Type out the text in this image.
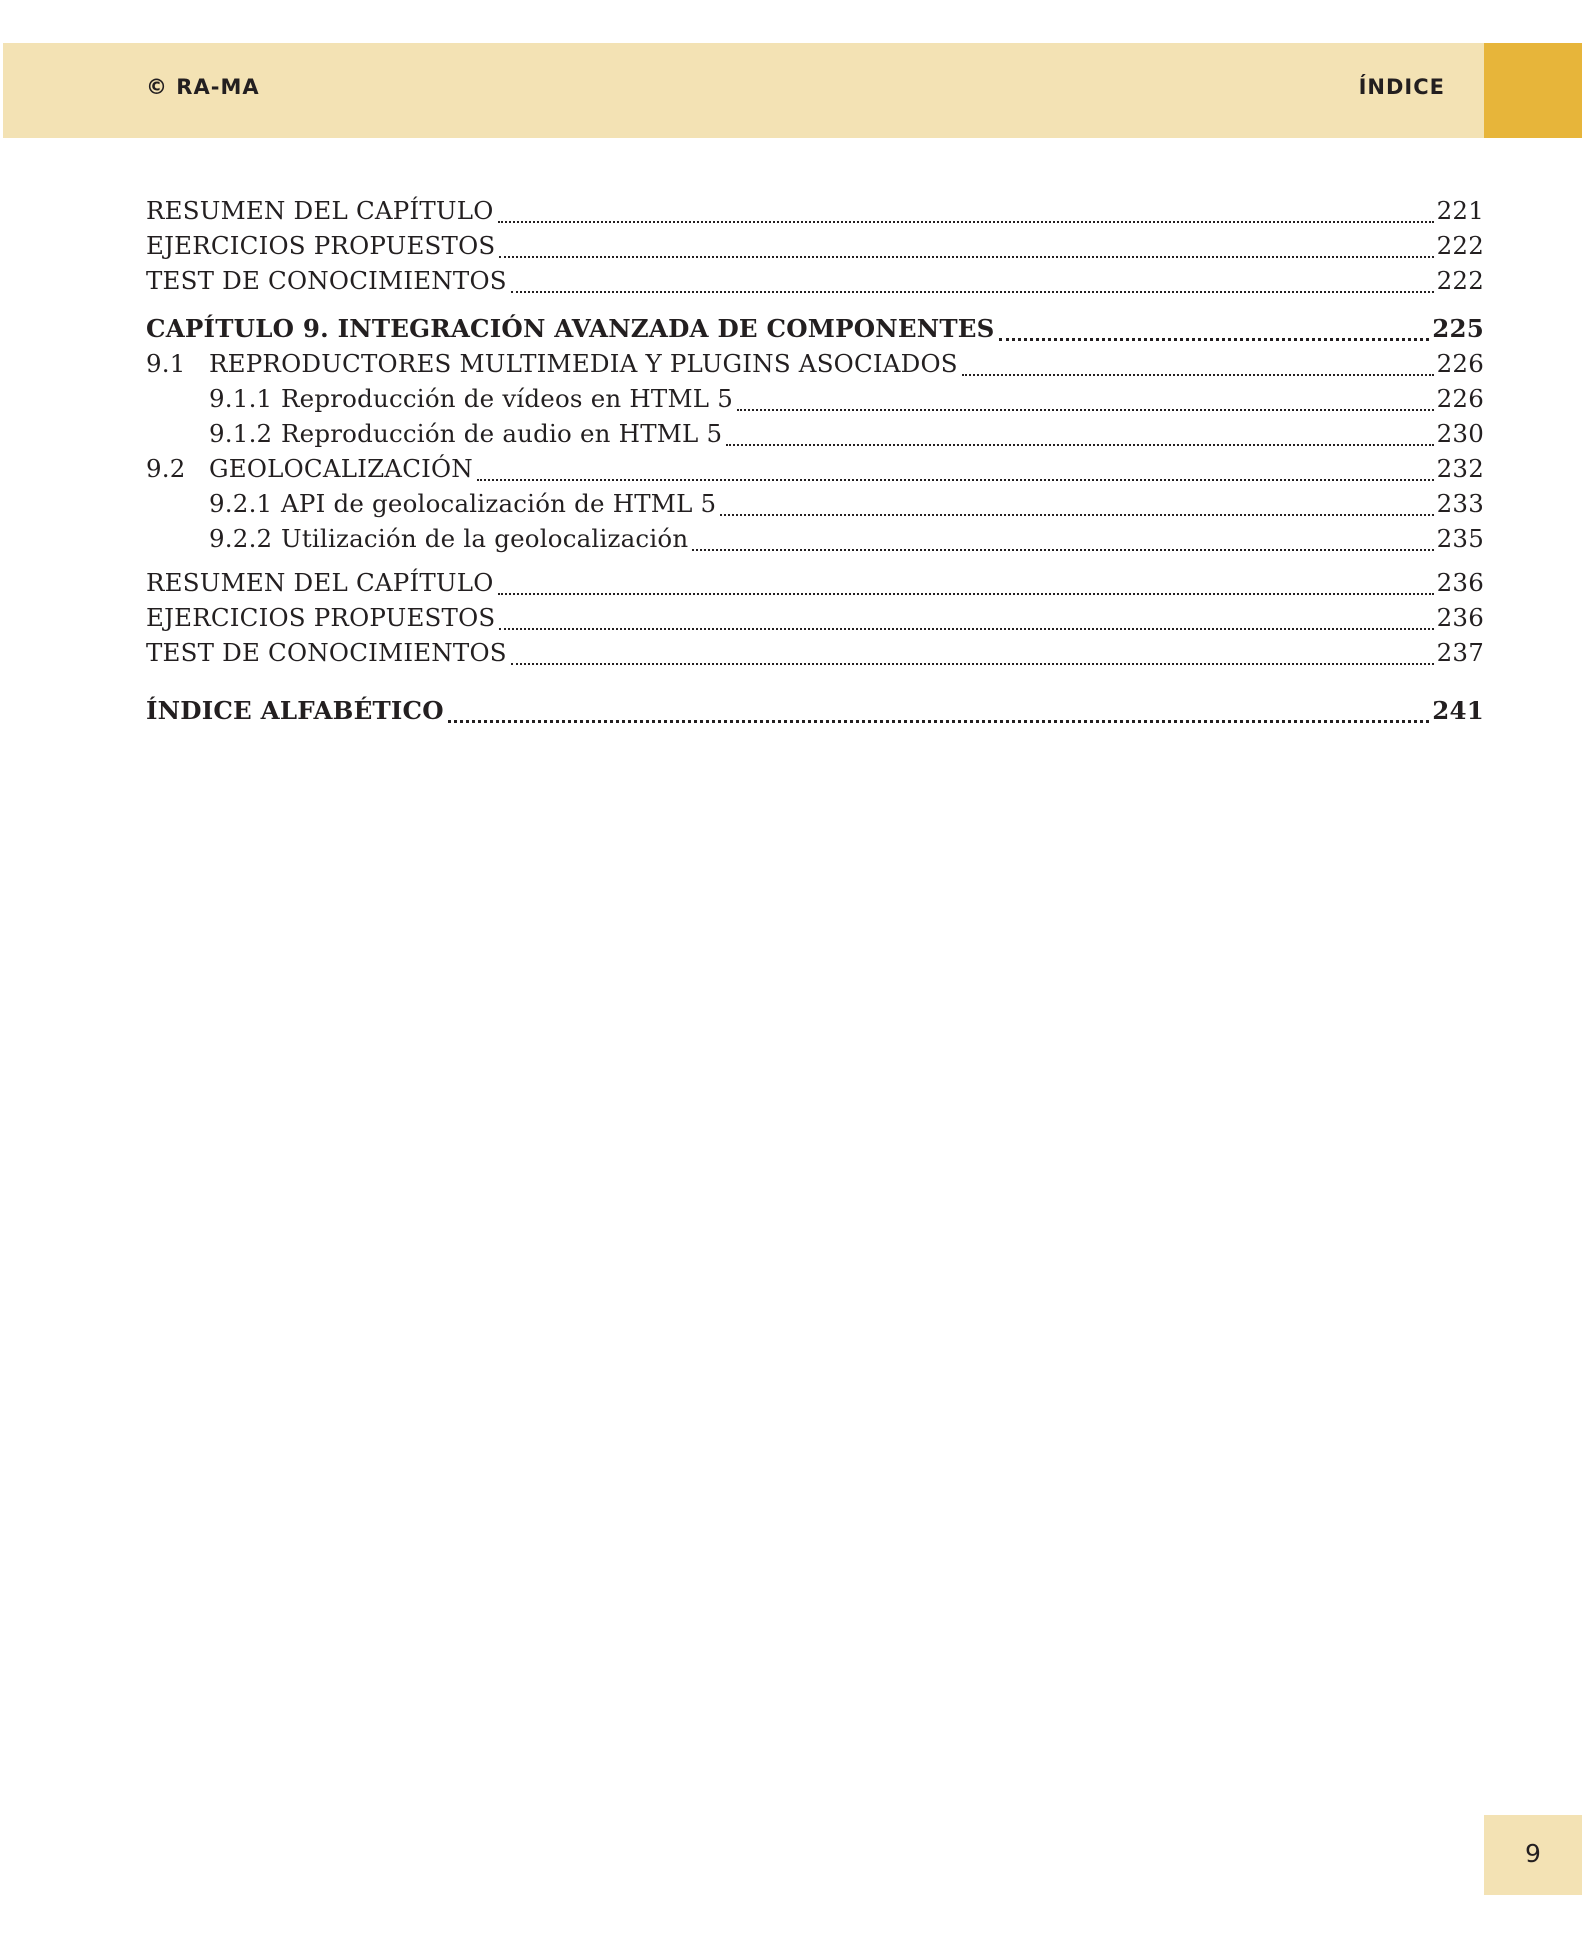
© RA-MA	ÍNDICE
RESUMEN DEL CAPÍTULO	221
EJERCICIOS PROPUESTOS	222
TEST DE CONOCIMIENTOS	222
CAPÍTULO 9. INTEGRACIÓN AVANZADA DE COMPONENTES	225
9.1 REPRODUCTORES MULTIMEDIA Y PLUGINS ASOCIADOS	226
9.1.1 Reproducción de vídeos en HTML 5	226
9.1.2 Reproducción de audio en HTML 5	230
9.2 GEOLOCALIZACIÓN	232
9.2.1 API de geolocalización de HTML 5	233
9.2.2 Utilización de la geolocalización	235
RESUMEN DEL CAPÍTULO	236
EJERCICIOS PROPUESTOS	236
TEST DE CONOCIMIENTOS	237
ÍNDICE ALFABÉTICO	241
9
